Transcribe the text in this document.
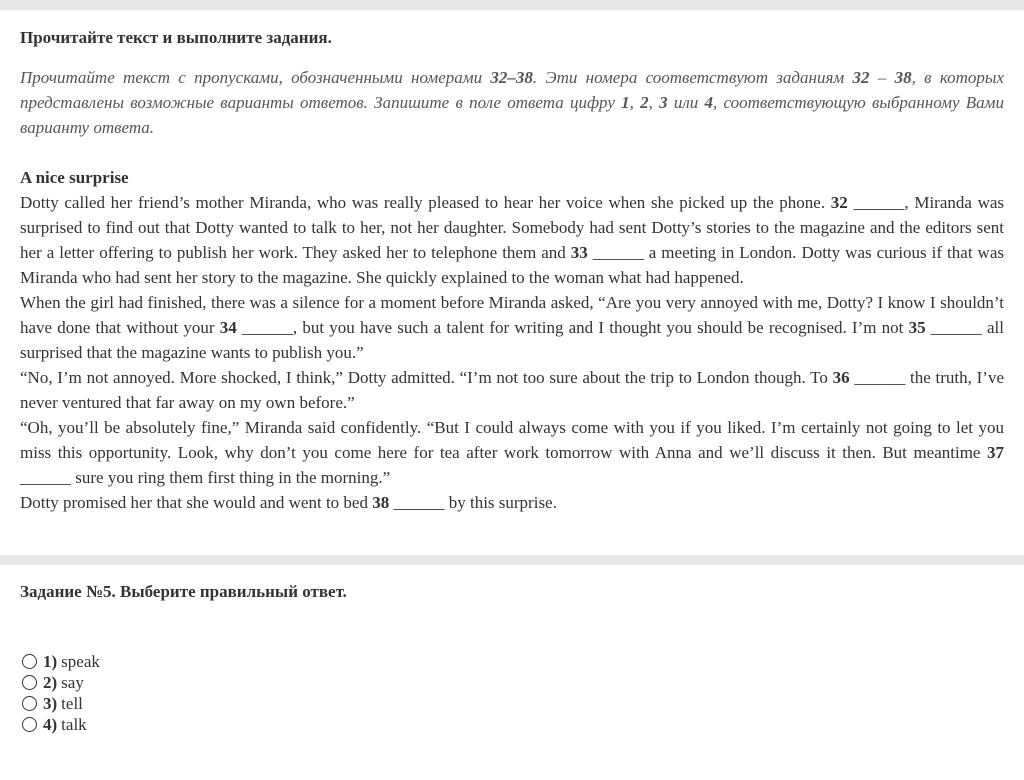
Прочитайте текст и выполните задания.

Прочитайте текст с пропусками, обозначенными номерами 32–38. Эти номера соответствуют заданиям 32 – 38, в которых представлены возможные варианты ответов. Запишите в поле ответа цифру 1, 2, 3 или 4, соответствующую выбранному Вами варианту ответа.

A nice surprise

Dotty called her friend’s mother Miranda, who was really pleased to hear her voice when she picked up the phone. 32 ______, Miranda was surprised to find out that Dotty wanted to talk to her, not her daughter. Somebody had sent Dotty’s stories to the magazine and the editors sent her a letter offering to publish her work. They asked her to telephone them and 33 ______ a meeting in London. Dotty was curious if that was Miranda who had sent her story to the magazine. She quickly explained to the woman what had happened.

When the girl had finished, there was a silence for a moment before Miranda asked, “Are you very annoyed with me, Dotty? I know I shouldn’t have done that without your 34 ______, but you have such a talent for writing and I thought you should be recognised. I’m not 35 ______ all surprised that the magazine wants to publish you.”

“No, I’m not annoyed. More shocked, I think,” Dotty admitted. “I’m not too sure about the trip to London though. To 36 ______ the truth, I’ve never ventured that far away on my own before.”

“Oh, you’ll be absolutely fine,” Miranda said confidently. “But I could always come with you if you liked. I’m certainly not going to let you miss this opportunity. Look, why don’t you come here for tea after work tomorrow with Anna and we’ll discuss it then. But meantime 37 ______ sure you ring them first thing in the morning.”

Dotty promised her that she would and went to bed 38 ______ by this surprise.

Задание №5. Выберите правильный ответ.
1) speak
2) say
3) tell
4) talk
